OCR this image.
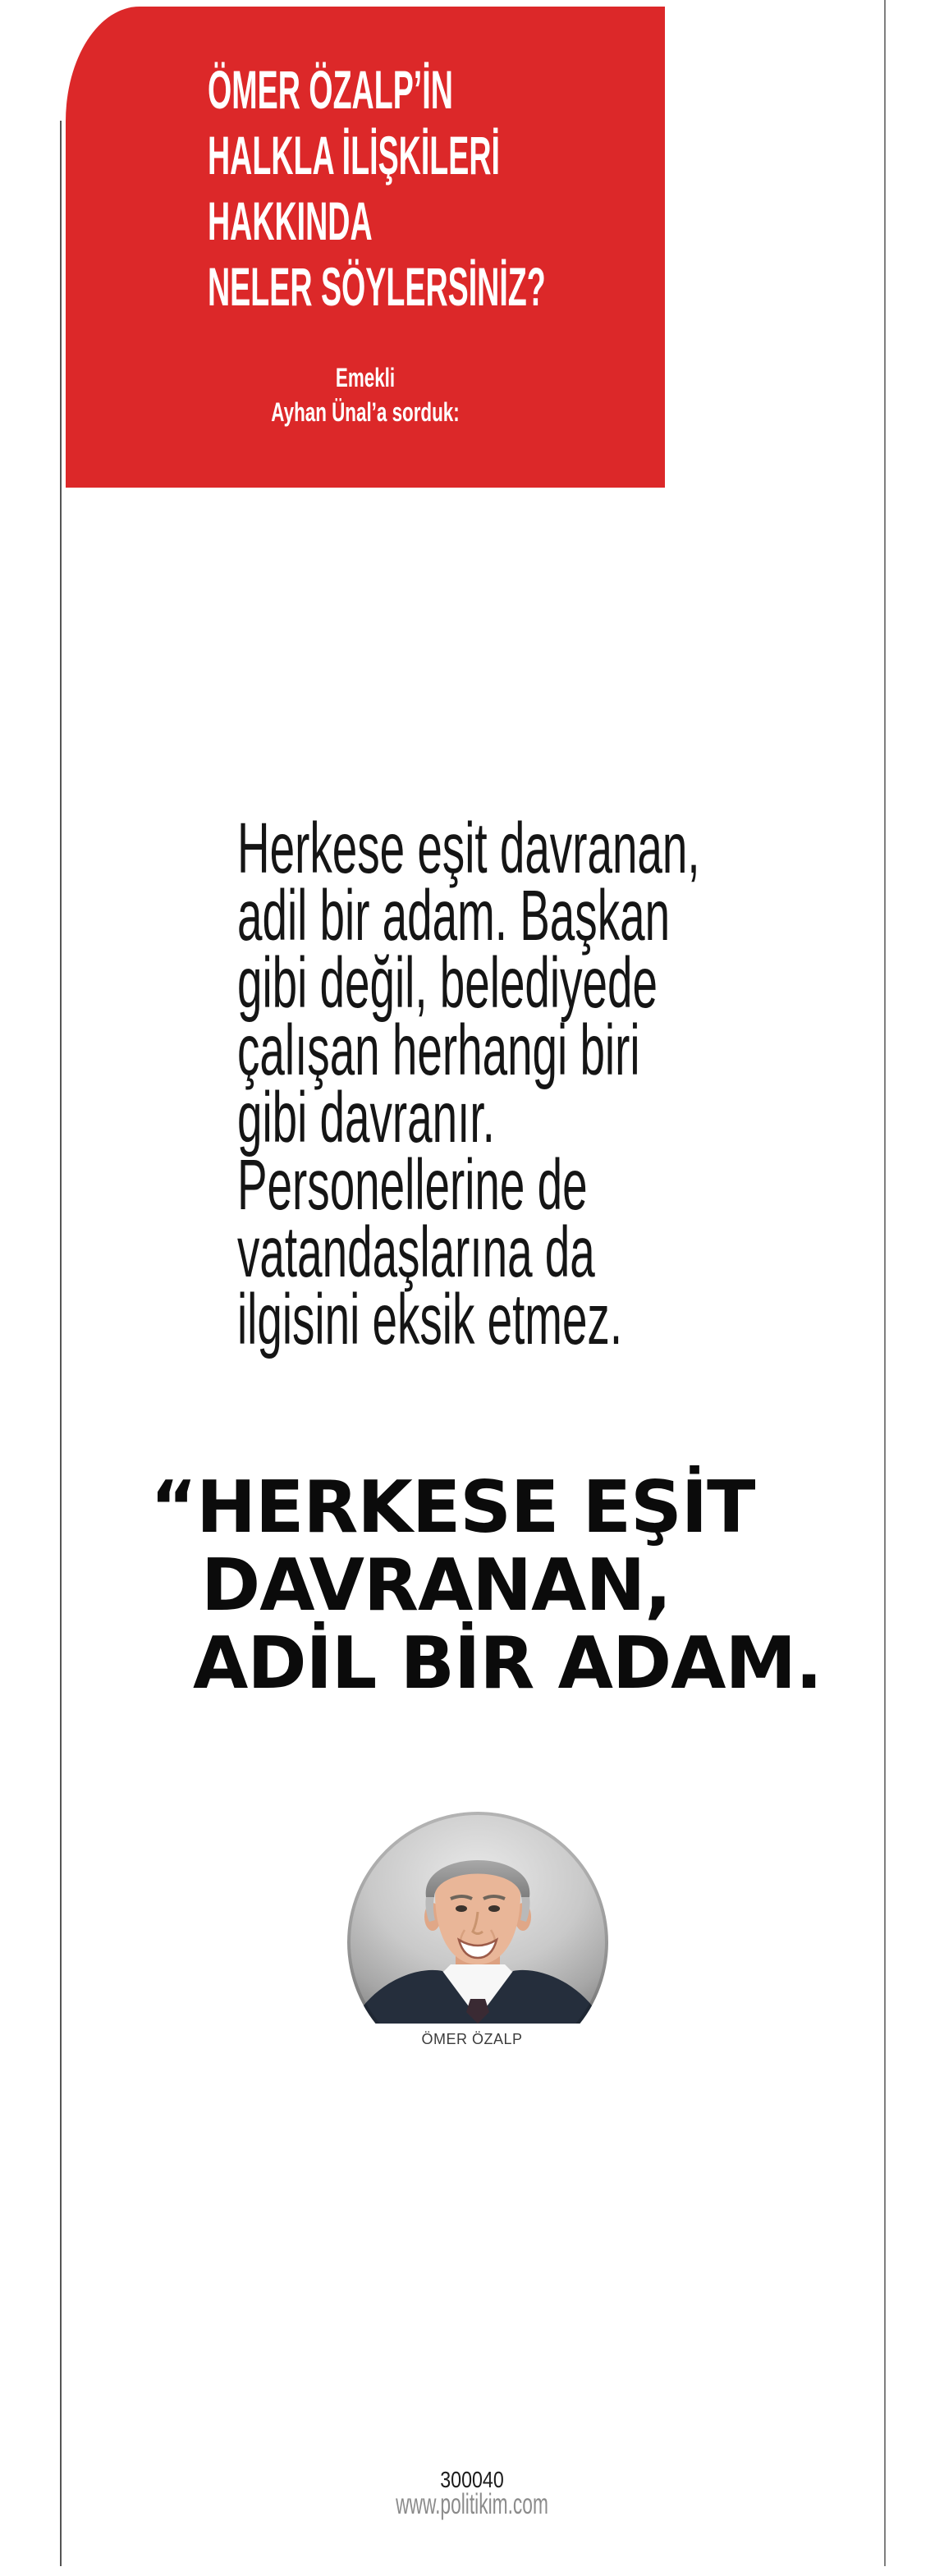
ÖMER ÖZALP’İN
HALKLA İLİŞKİLERİ
HAKKINDA
NELER SÖYLERSİNİZ?
Emekli
Ayhan Ünal’a sorduk:
Herkese eşit davranan,
adil bir adam. Başkan
gibi değil, belediyede
çalışan herhangi biri
gibi davranır.
Personellerine de
vatandaşlarına da
ilgisini eksik etmez.
“HERKESE EŞİT
DAVRANAN,
ADİL BİR ADAM.
ÖMER ÖZALP
300040
www.politikim.com
